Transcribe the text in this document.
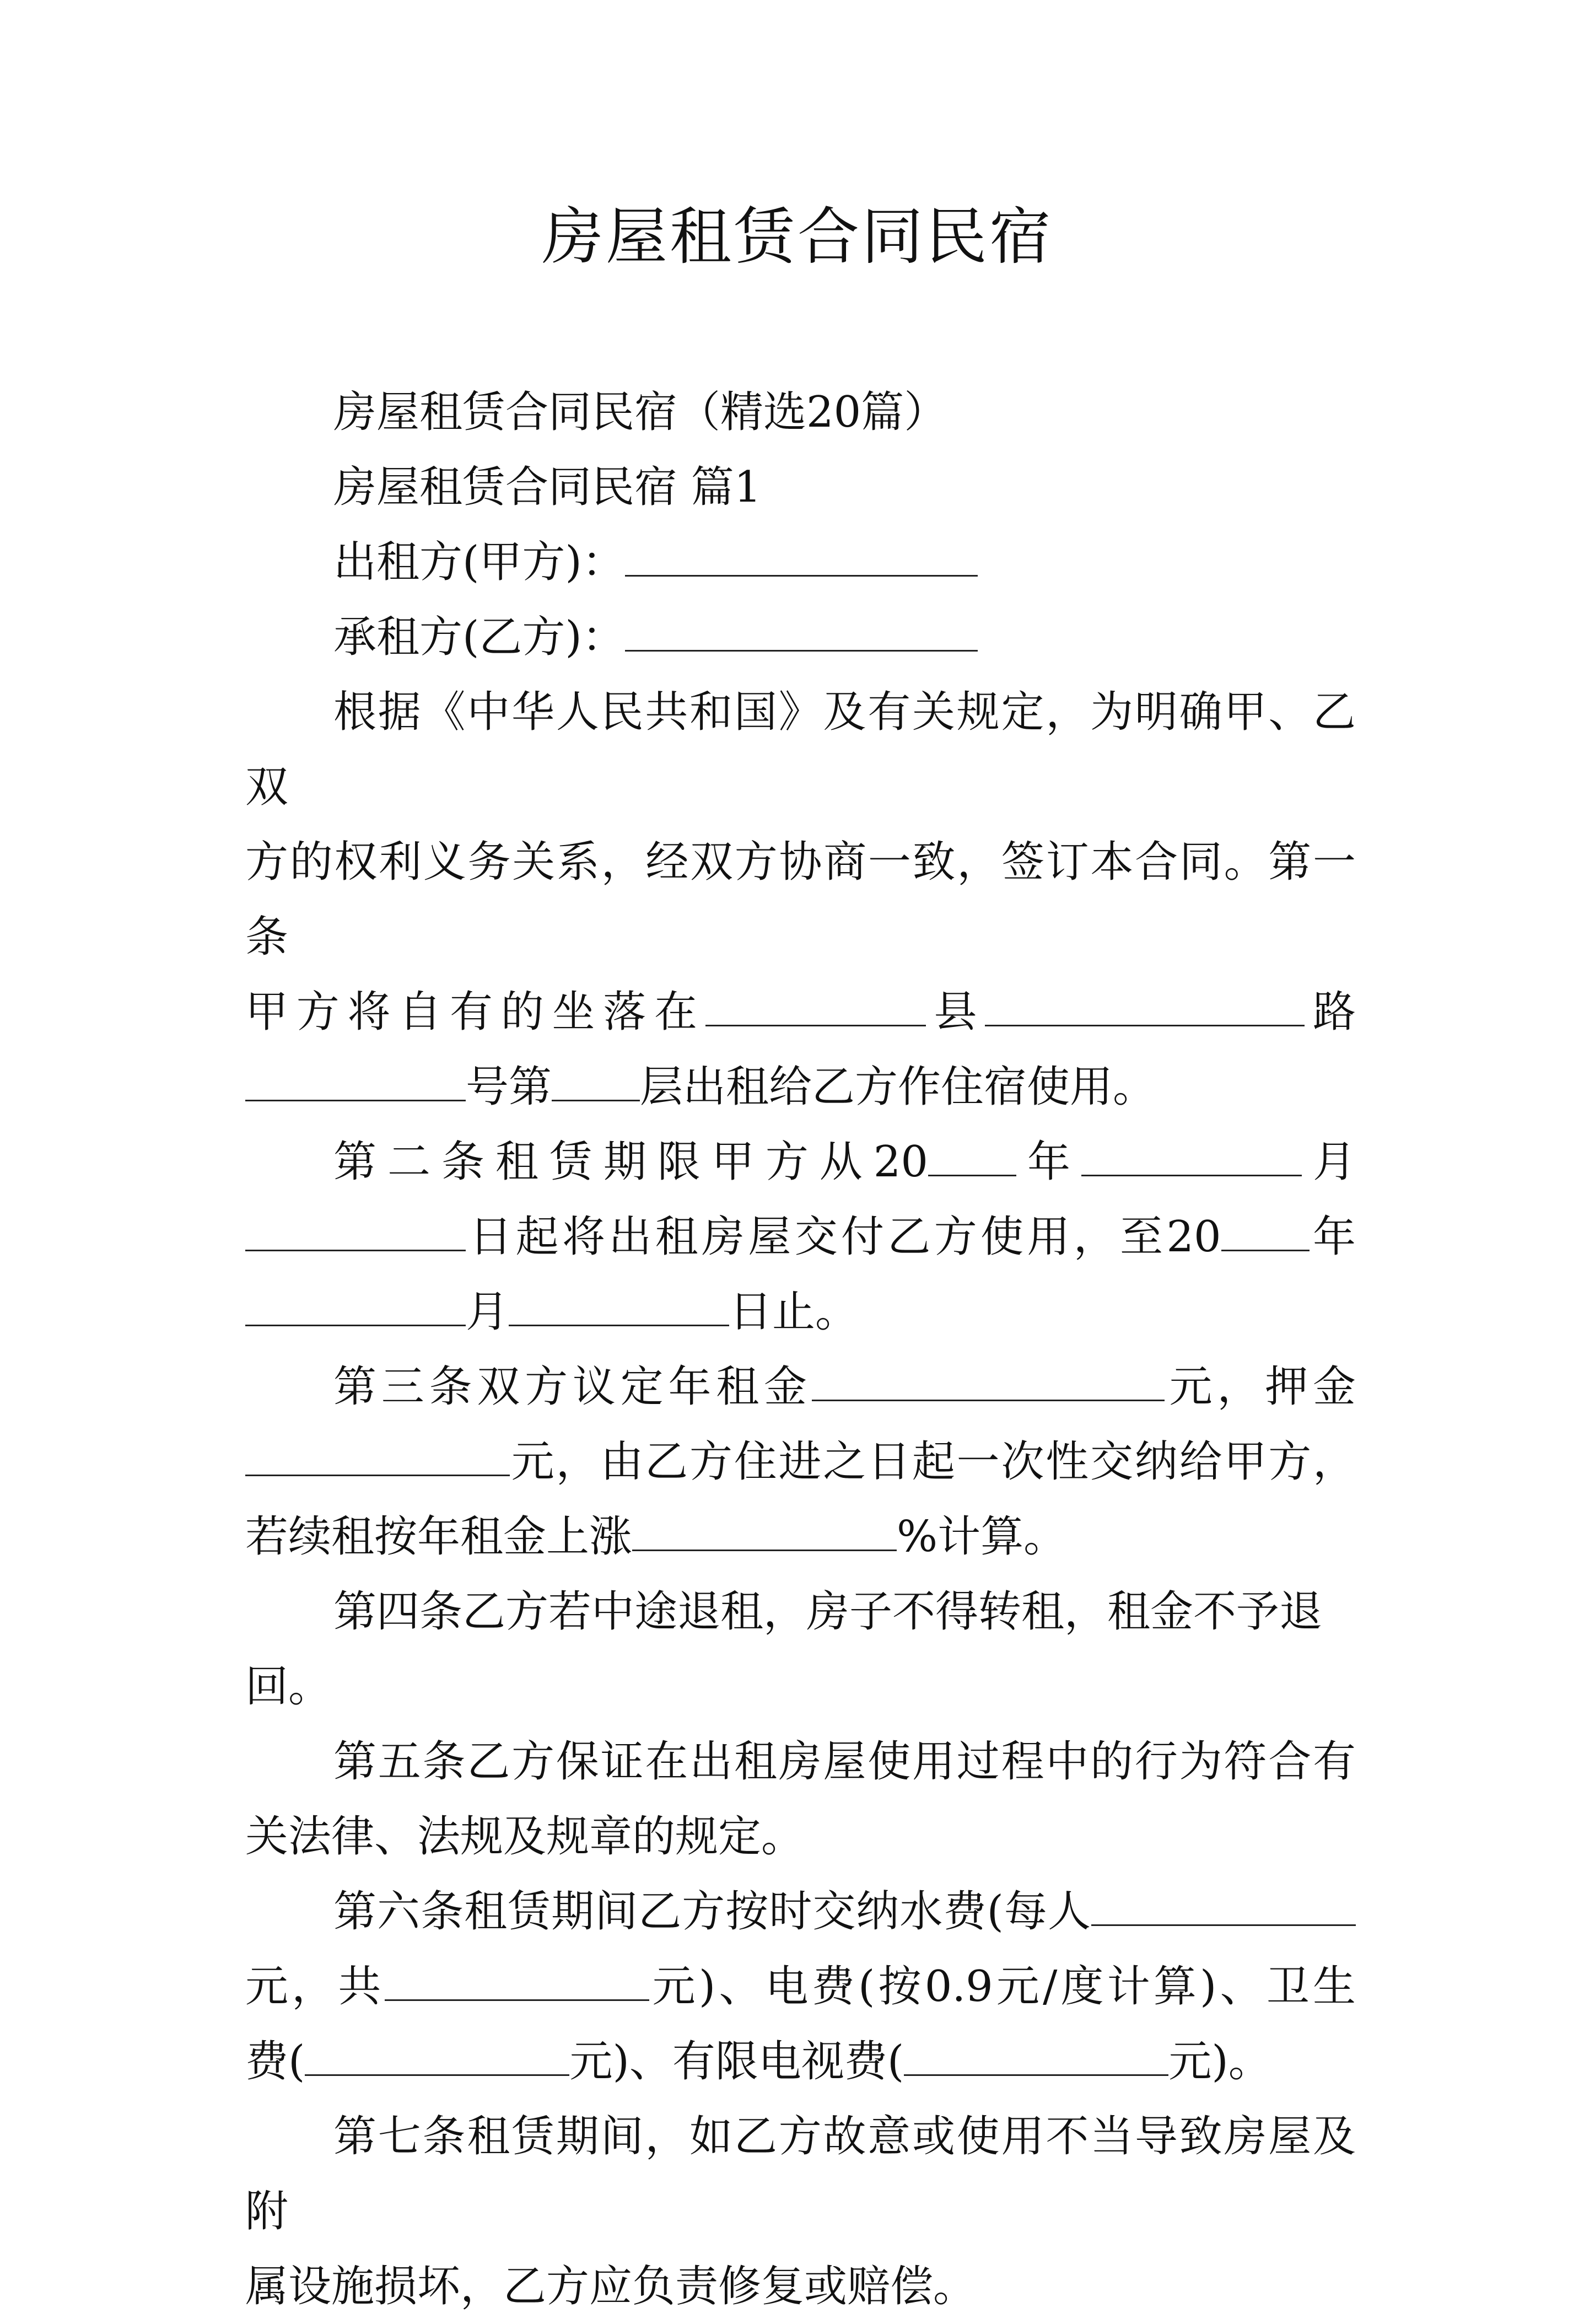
房屋租赁合同民宿

房屋租赁合同民宿（精选20篇）

房屋租赁合同民宿 篇1

出租方(甲方)：

承租方(乙方)：

根据《中华人民共和国》及有关规定，为明确甲、乙双

方的权利义务关系，经双方协商一致，签订本合同。第一条

甲方将自有的坐落在	县	路

号第 层出租给乙方作住宿使用。

第二条租赁期限甲方从20 年	月

日起将出租房屋交付乙方使用，至20 年

月	日止。

第三条双方议定年租金	元，押金

元，由乙方住进之日起一次性交纳给甲方，

若续租按年租金上涨	%计算。

第四条乙方若中途退租，房子不得转租，租金不予退回。

第五条乙方保证在出租房屋使用过程中的行为符合有

关法律、法规及规章的规定。

第六条租赁期间乙方按时交纳水费(每人

元，共	元)、电费(按0.9元/度计算)、卫生

费(	元)、有限电视费(	元)。

第七条租赁期间，如乙方故意或使用不当导致房屋及附

属设施损坏，乙方应负责修复或赔偿。
